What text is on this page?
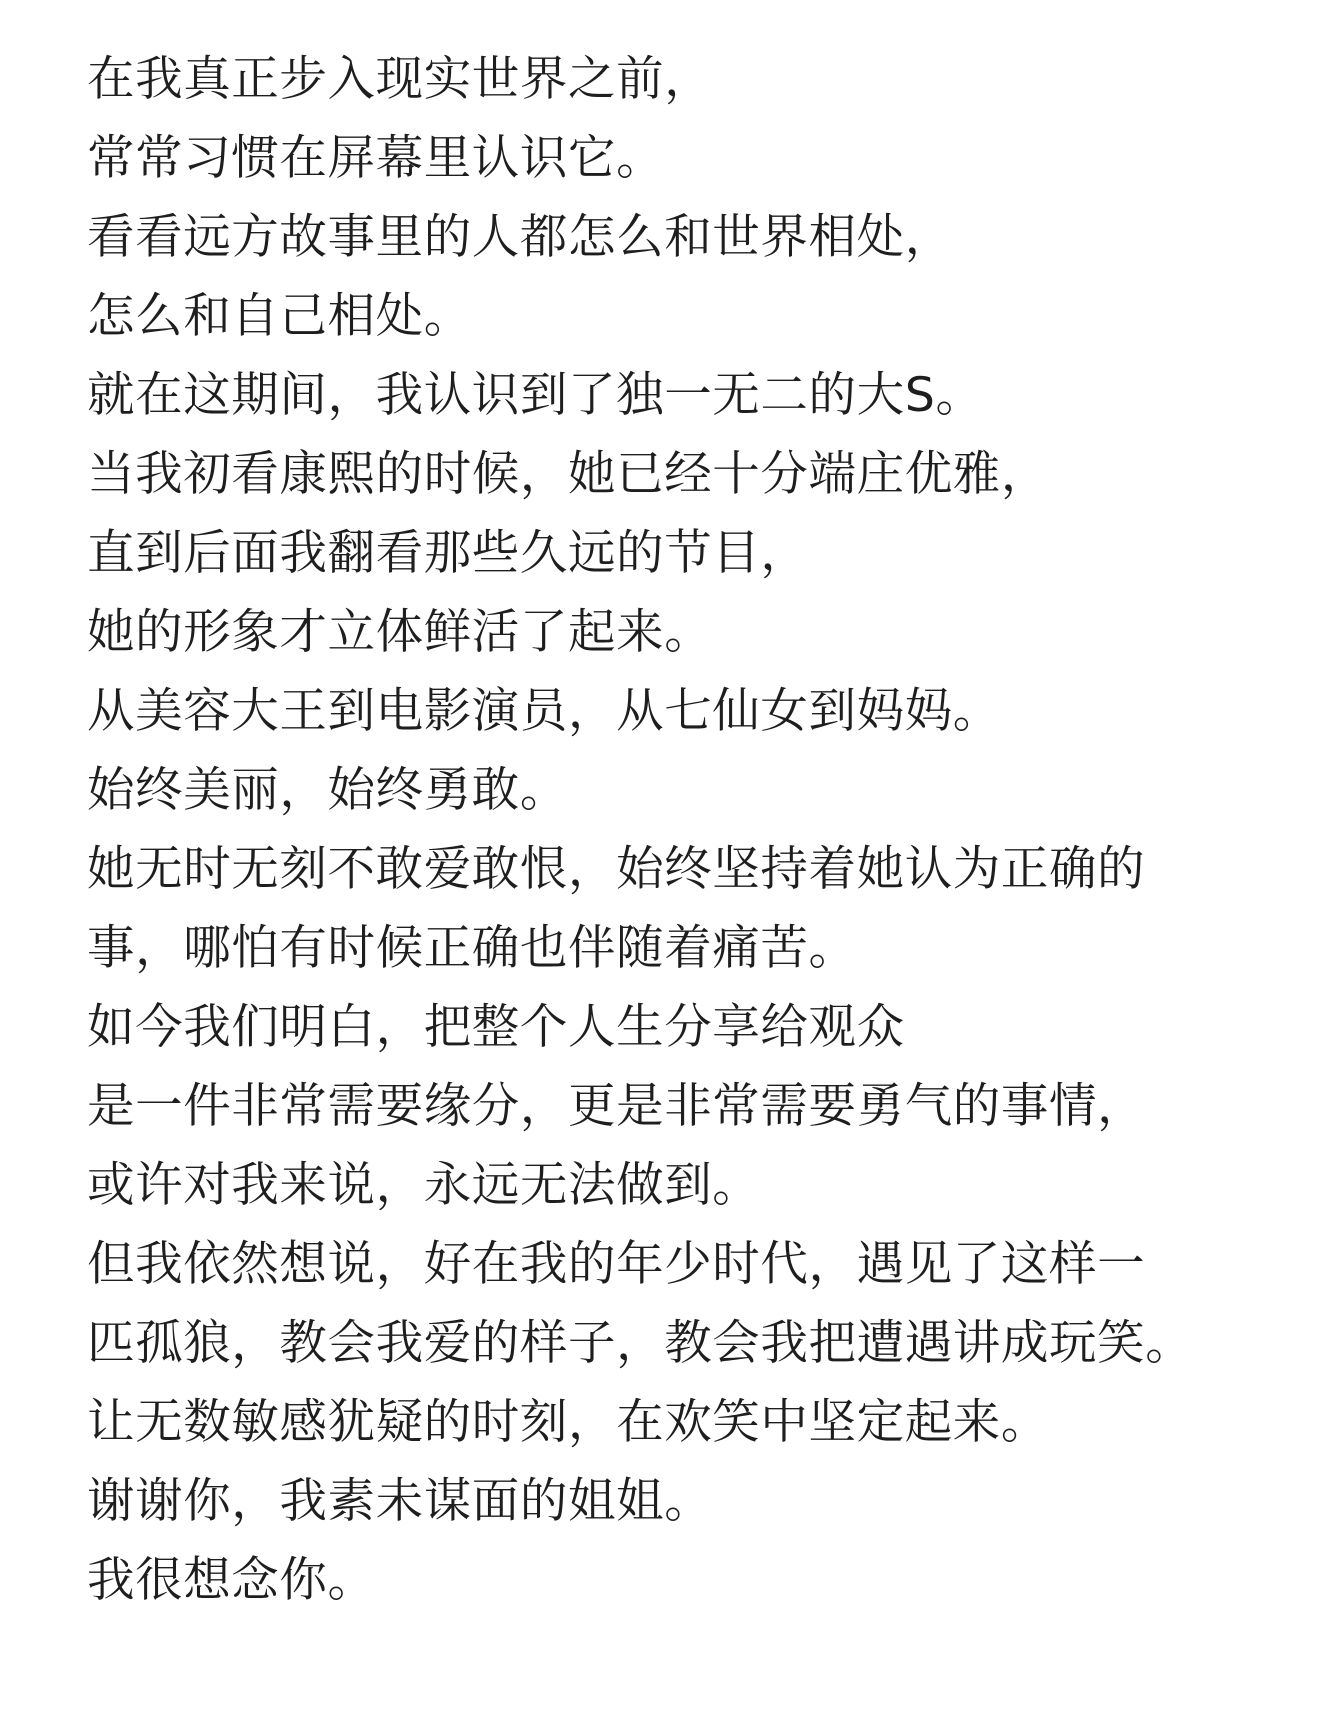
在我真正步入现实世界之前，
常常习惯在屏幕里认识它。
看看远方故事里的人都怎么和世界相处，
怎么和自己相处。
就在这期间，我认识到了独一无二的大S。
当我初看康熙的时候，她已经十分端庄优雅，
直到后面我翻看那些久远的节目，
她的形象才立体鲜活了起来。
从美容大王到电影演员，从七仙女到妈妈。
始终美丽，始终勇敢。
她无时无刻不敢爱敢恨，始终坚持着她认为正确的
事，哪怕有时候正确也伴随着痛苦。
如今我们明白，把整个人生分享给观众
是一件非常需要缘分，更是非常需要勇气的事情，
或许对我来说，永远无法做到。
但我依然想说，好在我的年少时代，遇见了这样一
匹孤狼，教会我爱的样子，教会我把遭遇讲成玩笑。
让无数敏感犹疑的时刻，在欢笑中坚定起来。
谢谢你，我素未谋面的姐姐。
我很想念你。
